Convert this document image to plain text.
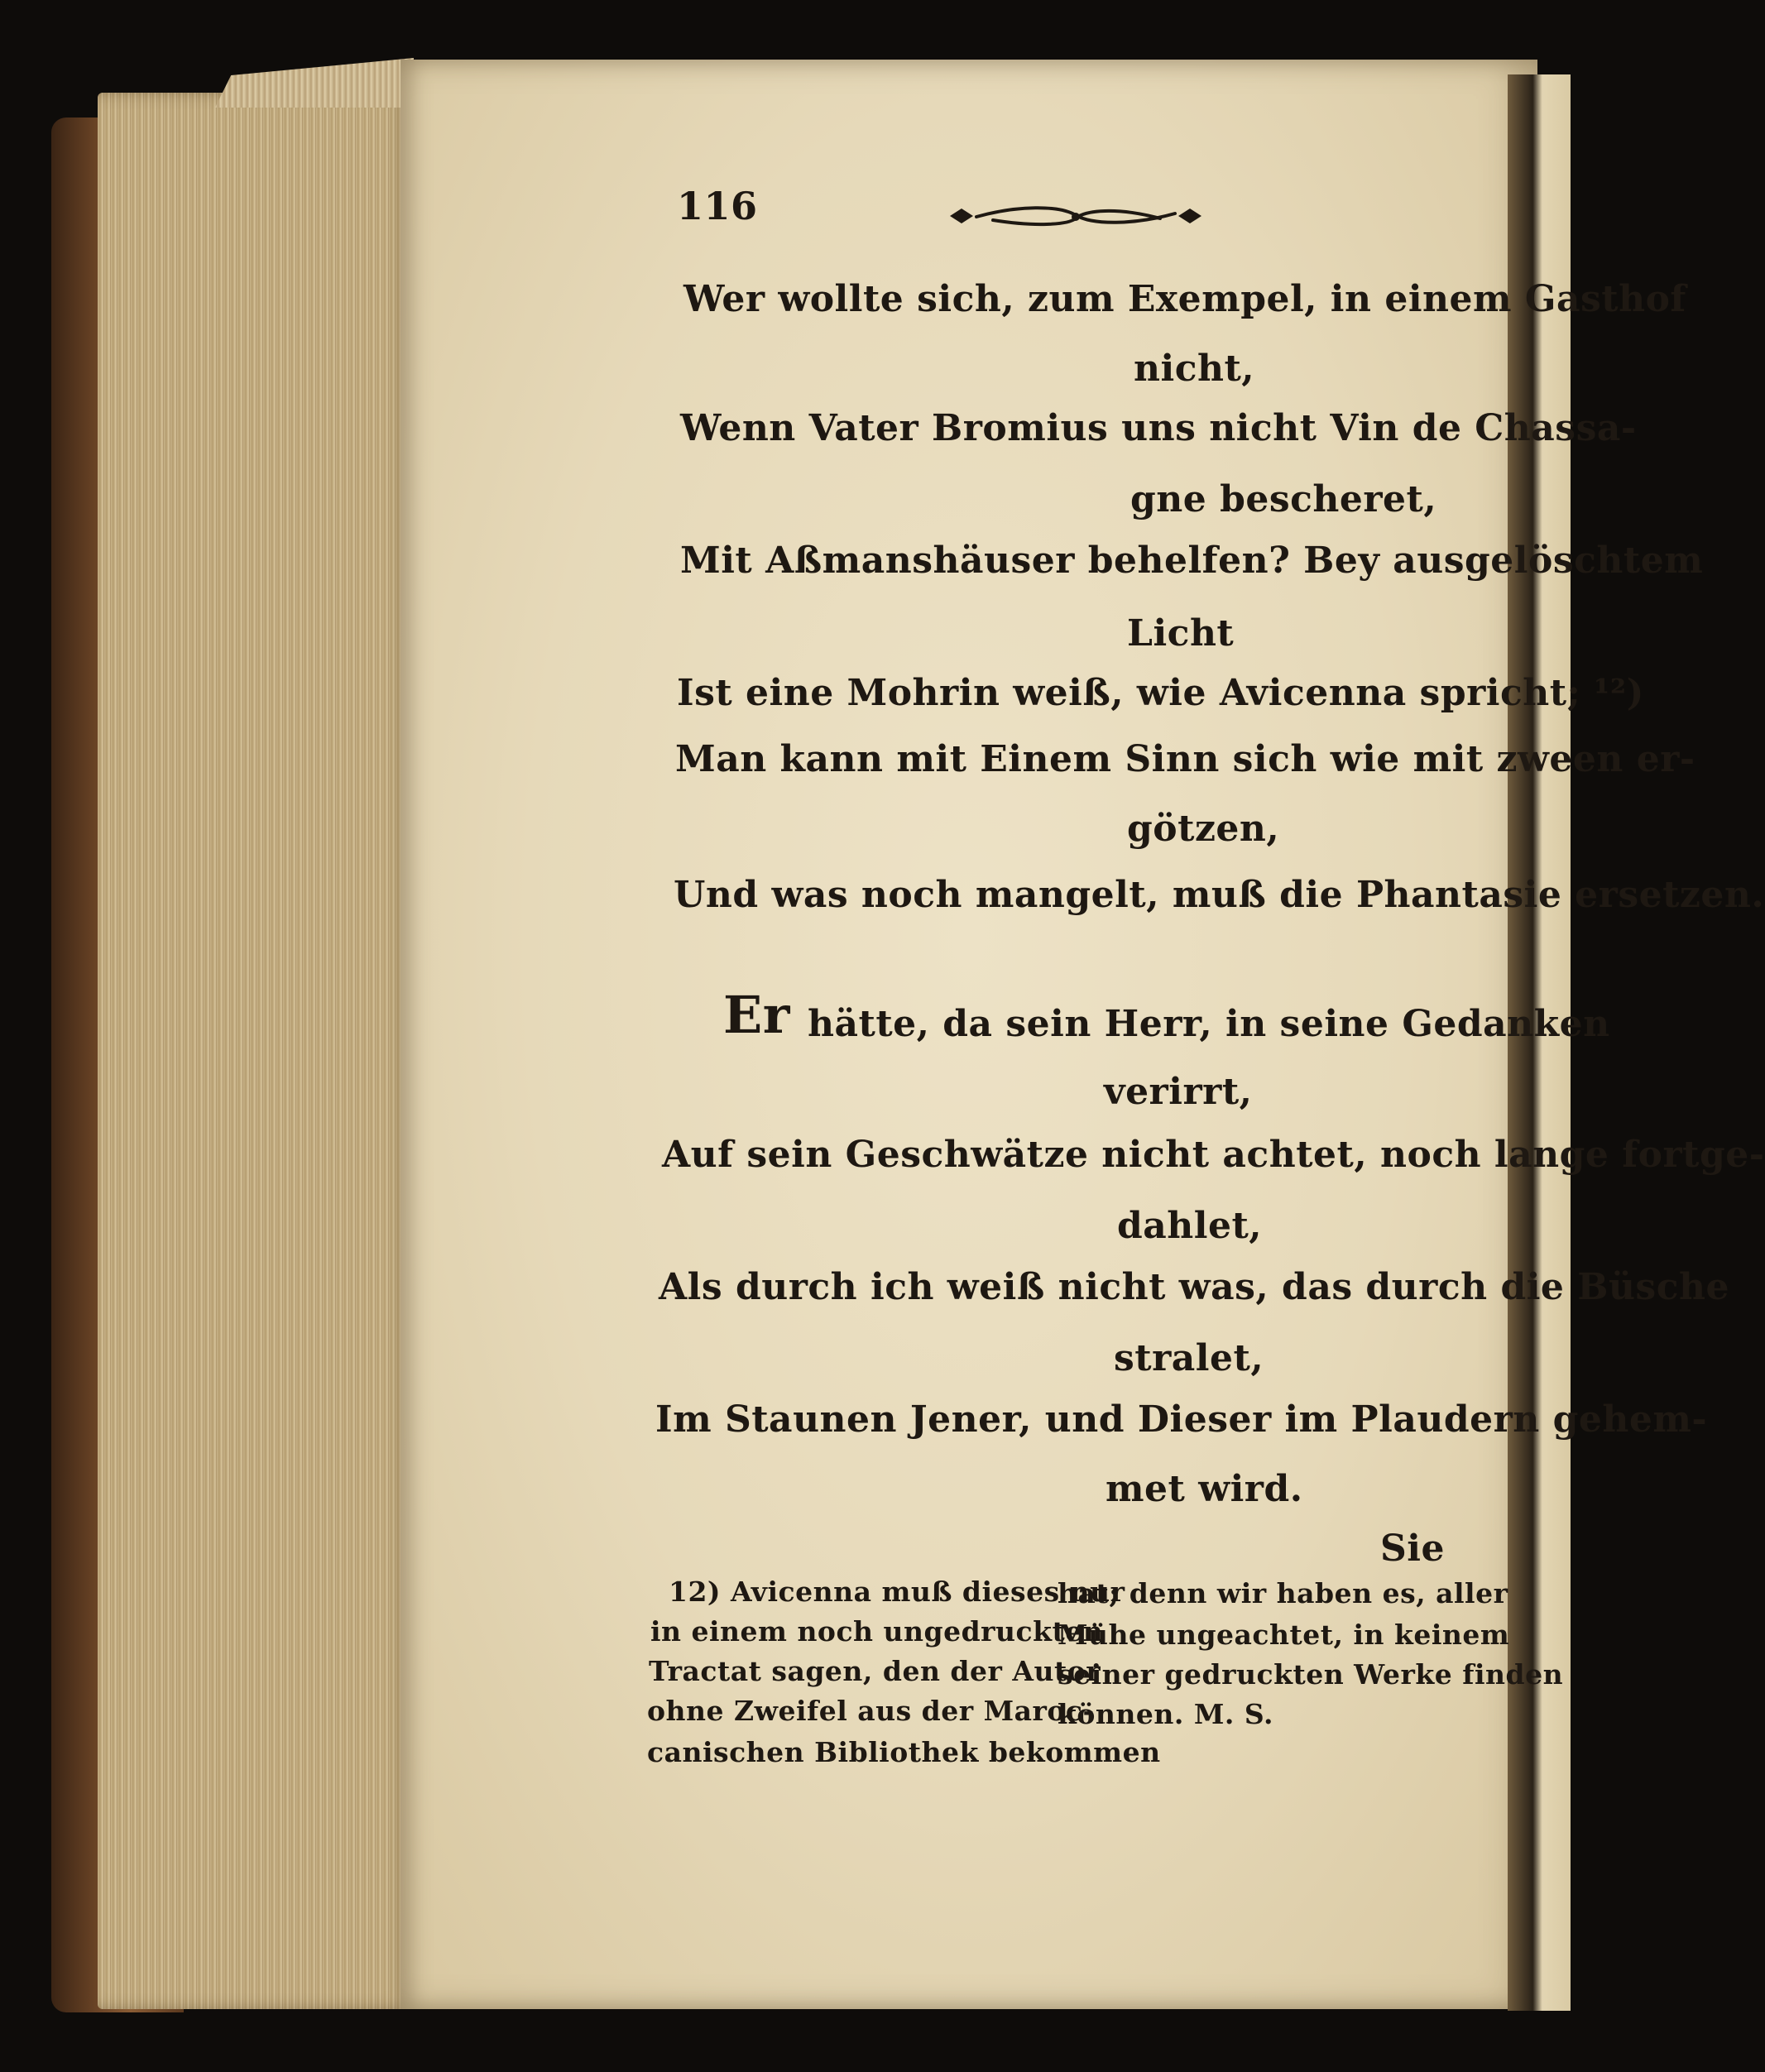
116
Wer wollte sich, zum Exempel, in einem Gasthof
nicht,
Wenn Vater Bromius uns nicht Vin de Chassa-
gne bescheret,
Mit Aßmanshäuser behelfen? Bey ausgelöschtem
Licht
Ist eine Mohrin weiß, wie Avicenna spricht; ¹²)
Man kann mit Einem Sinn sich wie mit zween er-
götzen,
Und was noch mangelt, muß die Phantasie ersetzen.
Er hätte, da sein Herr, in seine Gedanken
verirrt,
Auf sein Geschwätze nicht achtet, noch lange fortge-
dahlet,
Als durch ich weiß nicht was, das durch die Büsche
stralet,
Im Staunen Jener, und Dieser im Plaudern gehem-
met wird.
Sie
12) Avicenna muß dieses nur
in einem noch ungedruckten
Tractat sagen, den der Autor
ohne Zweifel aus der Maroc-
canischen Bibliothek bekommen
hat; denn wir haben es, aller
Mühe ungeachtet, in keinem
seiner gedruckten Werke finden
können. M. S.
